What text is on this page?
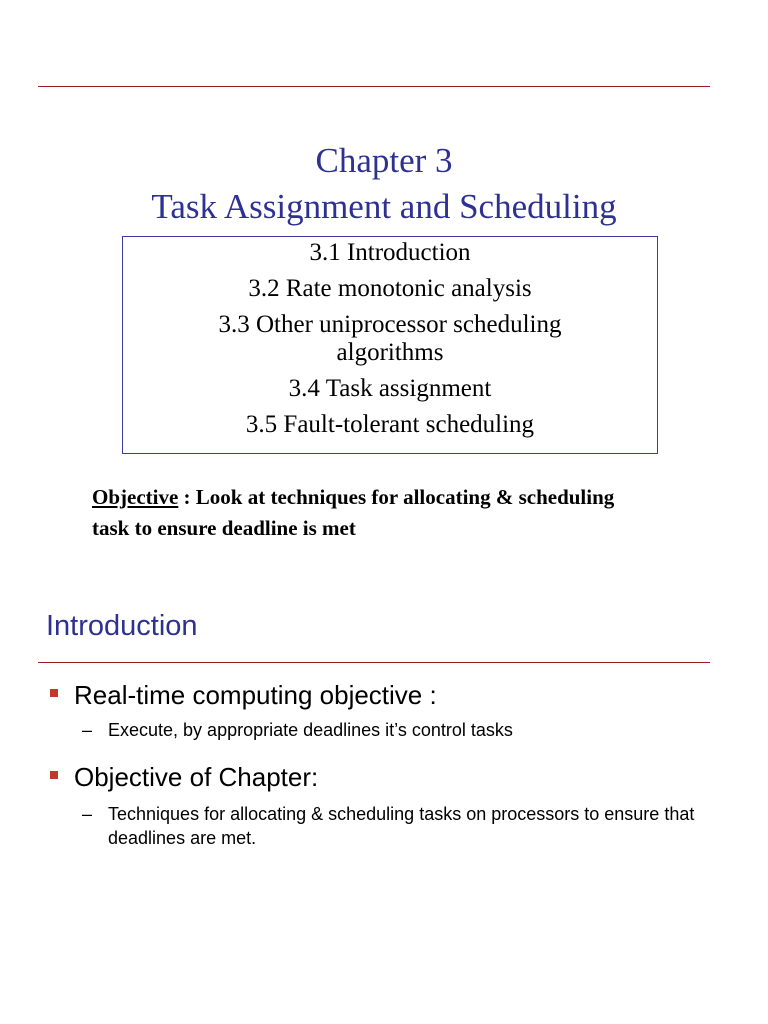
Chapter 3
Task Assignment and Scheduling
3.1 Introduction
3.2 Rate monotonic analysis
3.3 Other uniprocessor scheduling algorithms
3.4 Task assignment
3.5 Fault-tolerant scheduling
Objective : Look at techniques for allocating & scheduling task to ensure deadline is met
Introduction
Real-time computing objective :
– Execute, by appropriate deadlines it’s control tasks
Objective of Chapter:
– Techniques for allocating & scheduling tasks on processors to ensure that deadlines are met.
